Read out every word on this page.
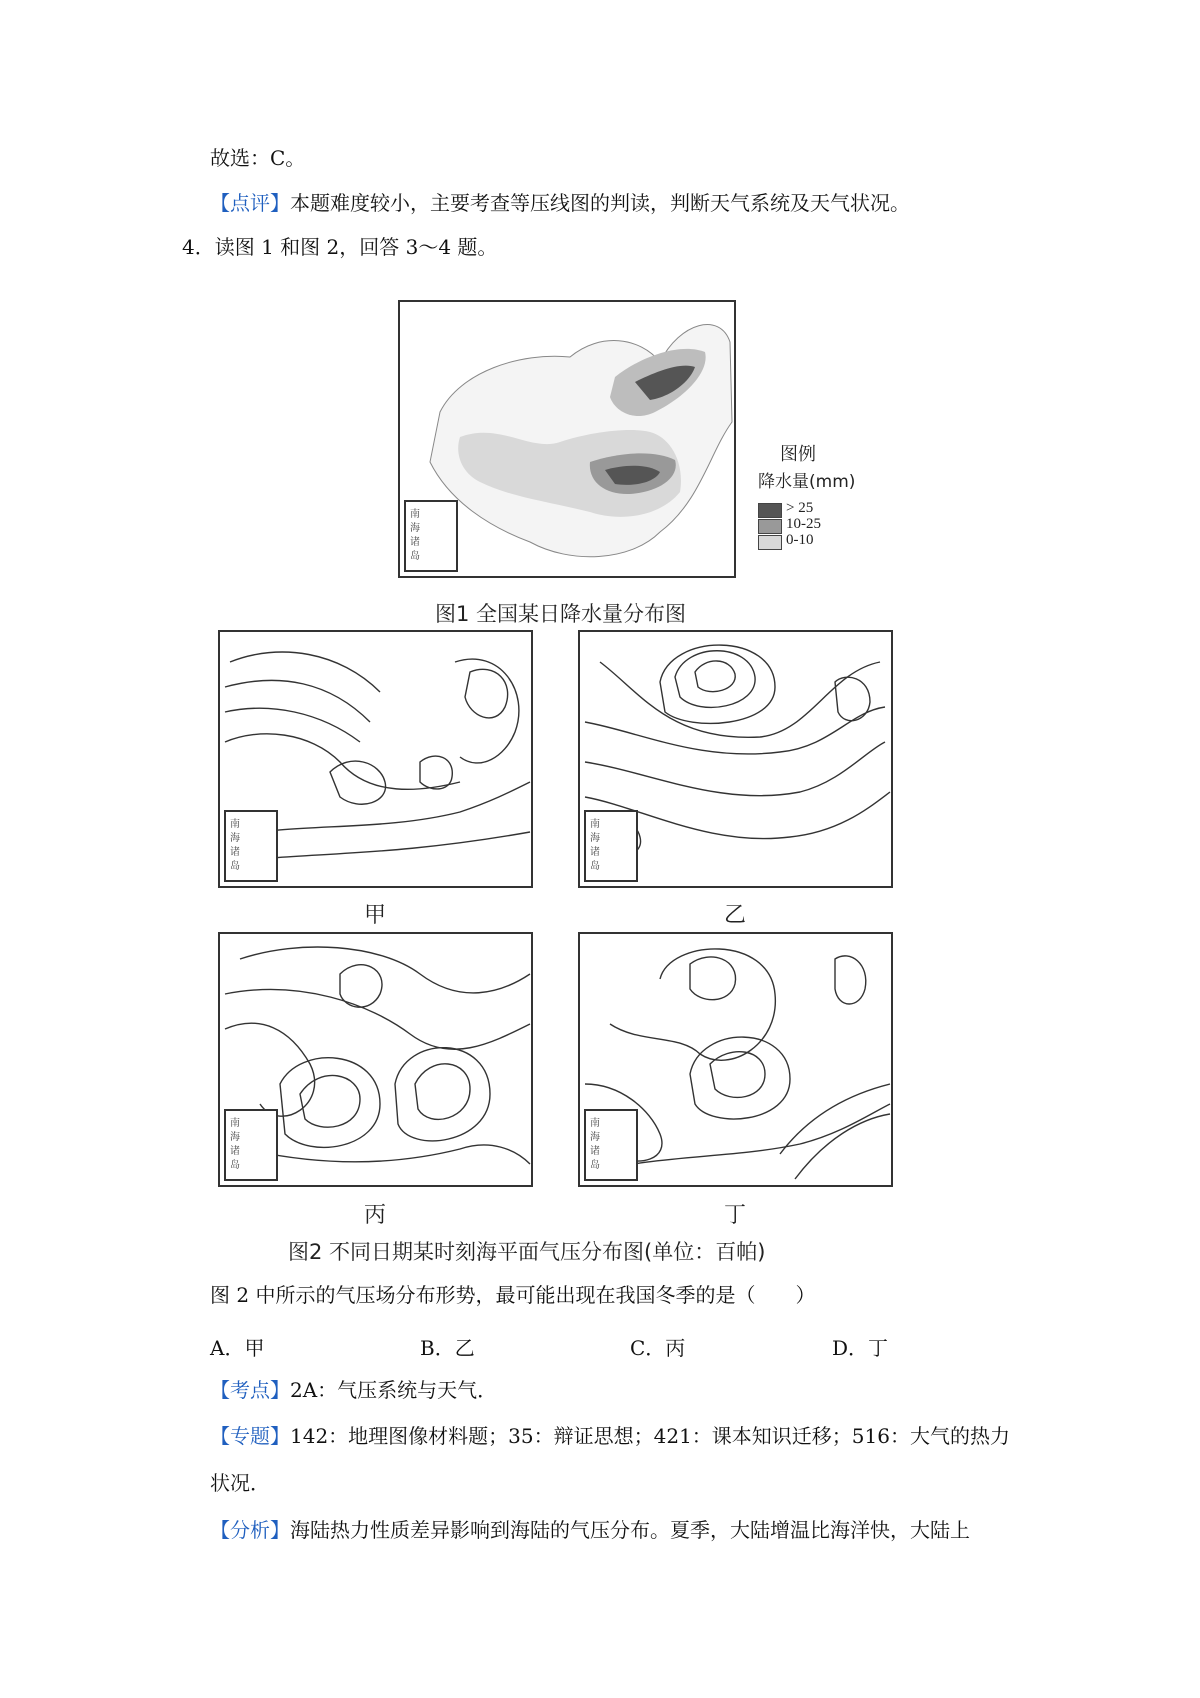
故选：C。
【点评】本题难度较小，主要考查等压线图的判读，判断天气系统及天气状况。
4．读图 1 和图 2，回答 3～4 题。
南海诸岛
图例
降水量(mm)
> 25
10-25
0-10
图1 全国某日降水量分布图
南海诸岛
南海诸岛
甲	乙
南海诸岛
南海诸岛
丙	丁
图2 不同日期某时刻海平面气压分布图(单位：百帕)
图 2 中所示的气压场分布形势，最可能出现在我国冬季的是（　　）
A．甲	B．乙	C．丙	D．丁
【考点】2A：气压系统与天气．
【专题】142：地理图像材料题；35：辩证思想；421：课本知识迁移；516：大气的热力
状况．
【分析】海陆热力性质差异影响到海陆的气压分布。夏季，大陆增温比海洋快，大陆上
